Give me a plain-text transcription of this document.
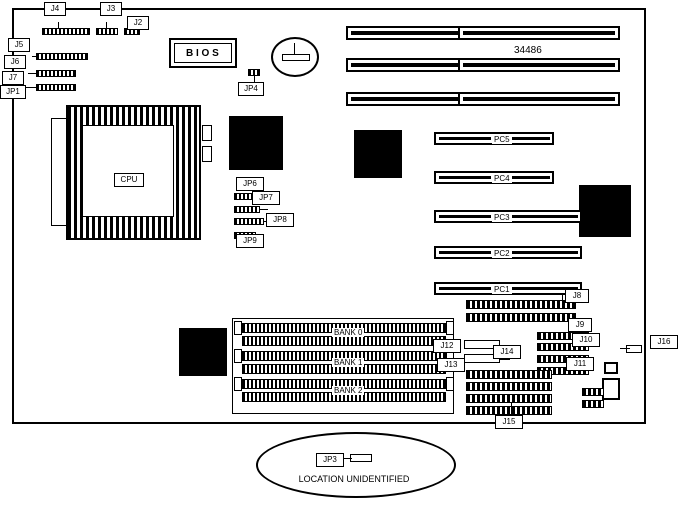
B I O S	34486
CPU
PC5
PC4
PC3
PC2
PC1
BANK 0
BANK 1
BANK 2
J4	J3
J2
J5
J6
J7
JP1	JP4
JP6
JP7
JP8
JP9
J8
J9
J10
J11
J12
J13
J14
J15
J16
JP3
LOCATION UNIDENTIFIED
